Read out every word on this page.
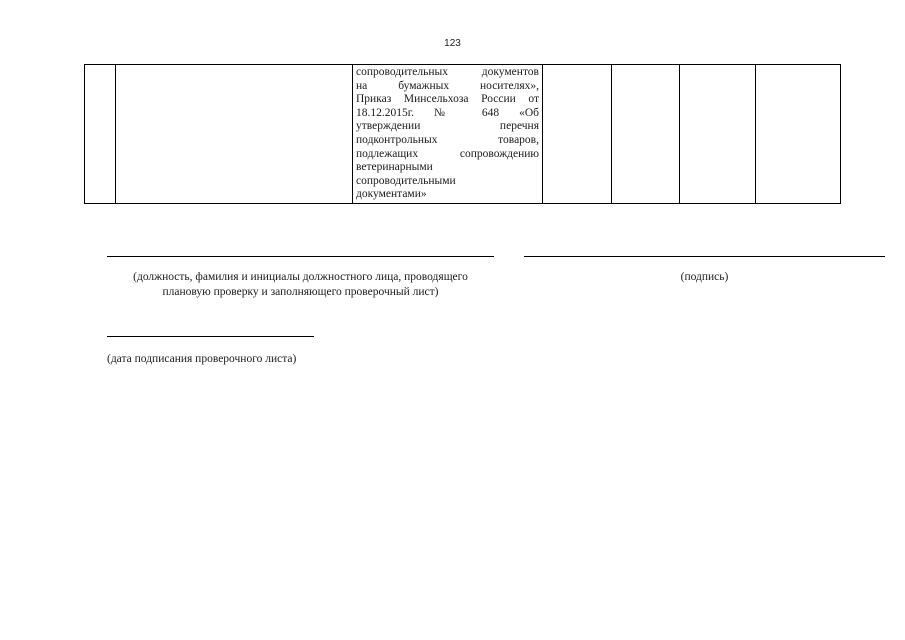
123

сопроводительных документов
на бумажных носителях»,
Приказ Минсельхоза России от
18.12.2015г. № 648 «Об
утверждении перечня
подконтрольных товаров,
подлежащих сопровождению
ветеринарными
сопроводительными
документами»

(должность, фамилия и инициалы должностного лица, проводящего
плановую проверку и заполняющего проверочный лист)
(подпись)
(дата подписания проверочного листа)
